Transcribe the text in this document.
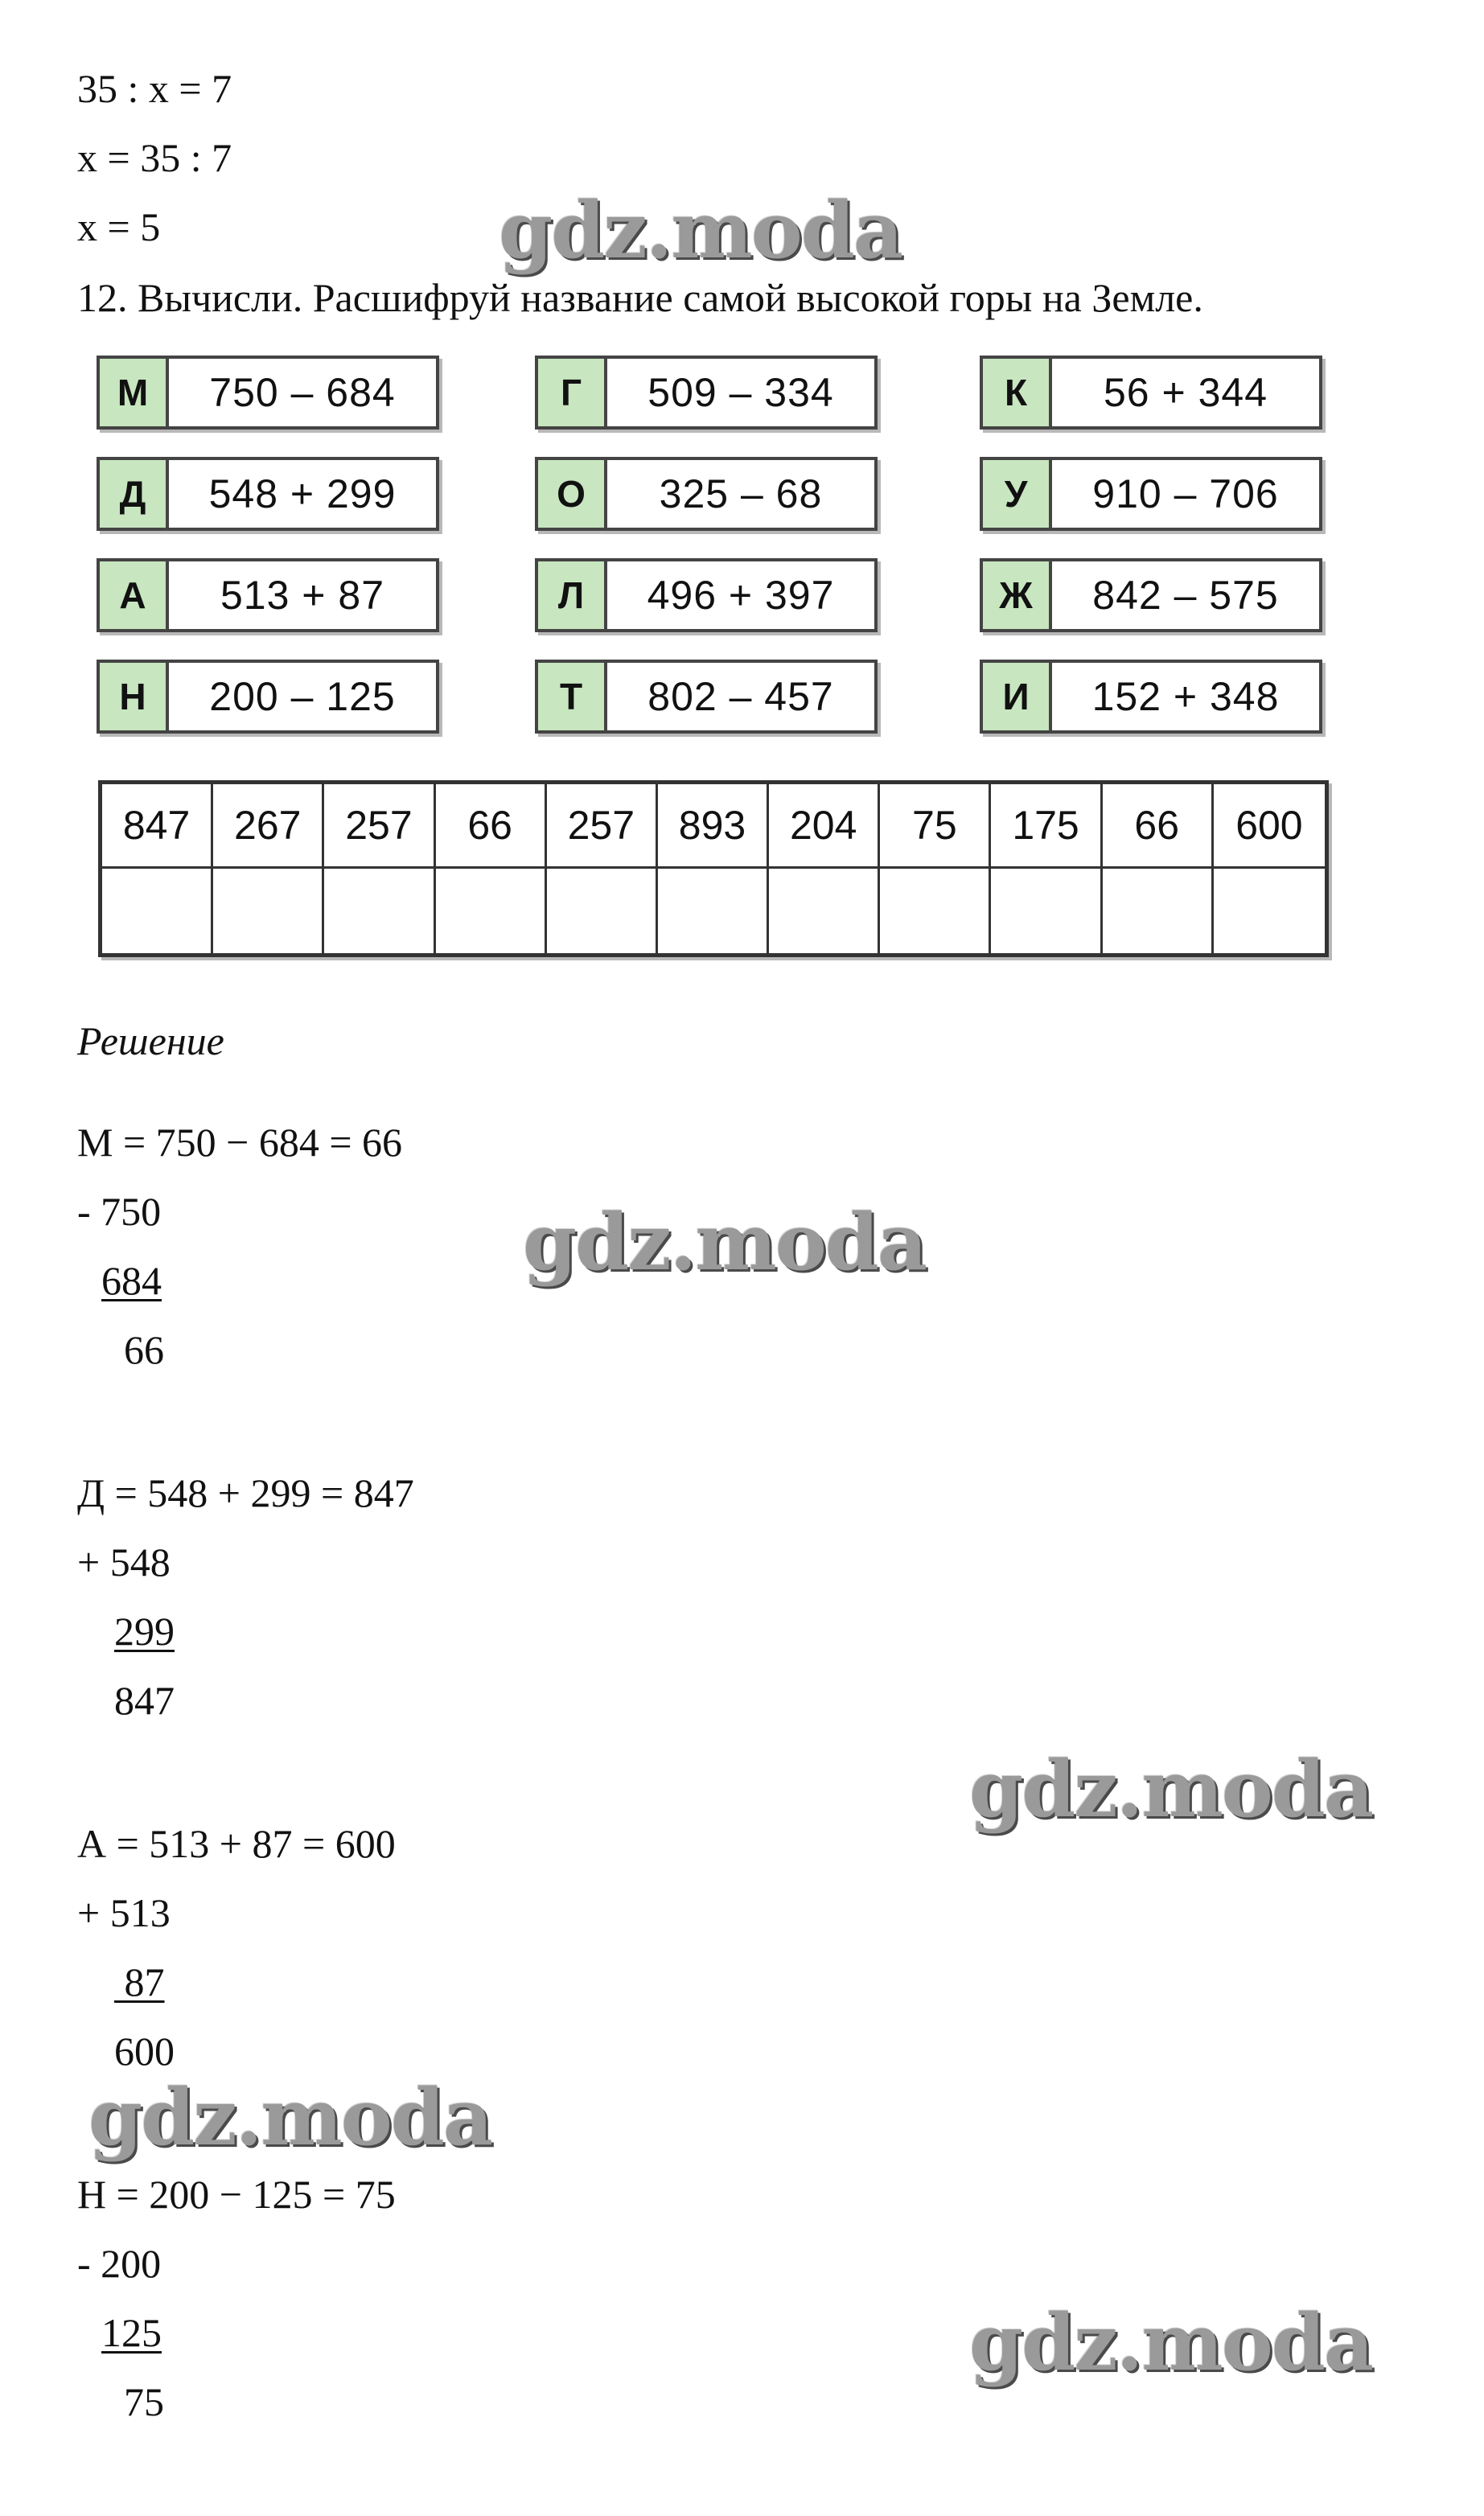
35 : x = 7
x = 35 : 7
x = 5
12. Вычисли. Расшифруй название самой высокой горы на Земле.
М	750 – 684	Г	509 – 334	К	56 + 344
Д	548 + 299	О	325 – 68	У	910 – 706
А	513 + 87	Л	496 + 397	Ж	842 – 575
Н	200 – 125	Т	802 – 457	И	152 + 348
847	267	257	66	257	893	204	75	175	66	600
Решение
М = 750 − 684 = 66
- 750
684
66
Д = 548 + 299 = 847
+ 548
299
847
А = 513 + 87 = 600
+ 513
87
600
Н = 200 − 125 = 75
- 200
125
75
gdz.moda
gdz.moda
gdz.moda
gdz.moda
gdz.moda
